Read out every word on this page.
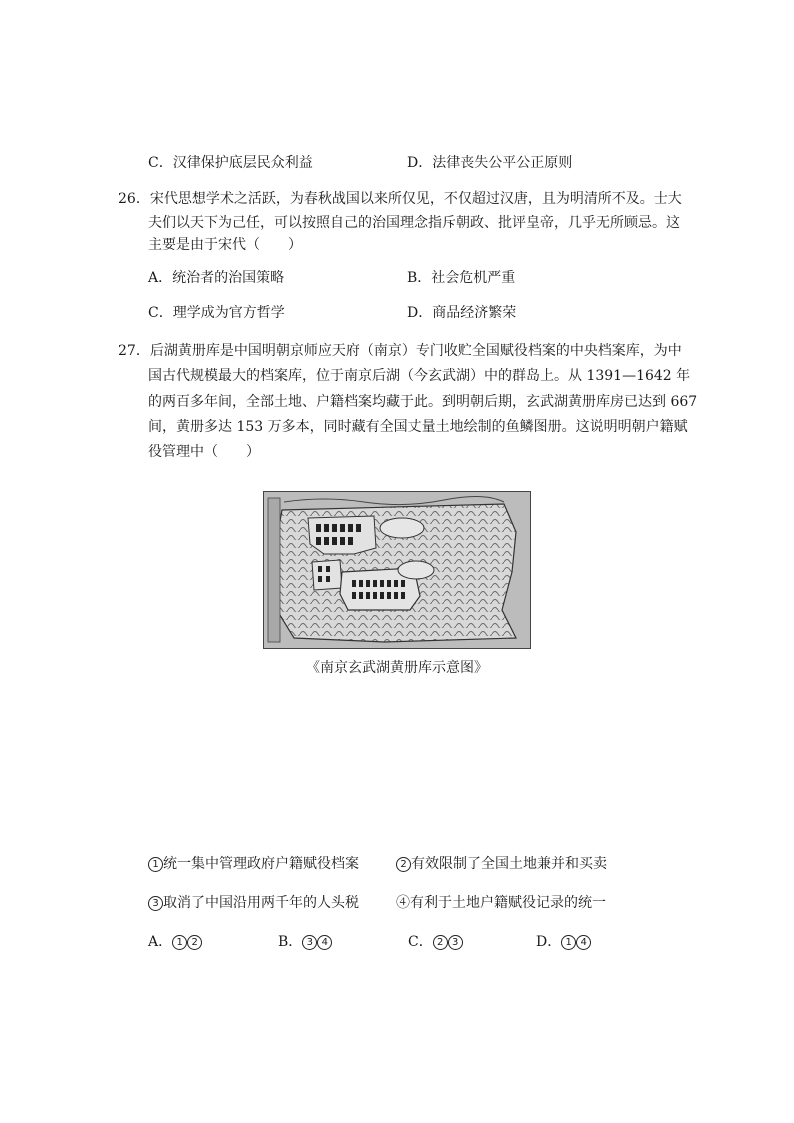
C．汉律保护底层民众利益	D．法律丧失公平公正原则
26．宋代思想学术之活跃，为春秋战国以来所仅见，不仅超过汉唐，且为明清所不及。士大
夫们以天下为己任，可以按照自己的治国理念指斥朝政、批评皇帝，几乎无所顾忌。这
主要是由于宋代（　　）
A．统治者的治国策略	B．社会危机严重
C．理学成为官方哲学	D．商品经济繁荣
27．后湖黄册库是中国明朝京师应天府（南京）专门收贮全国赋役档案的中央档案库，为中
国古代规模最大的档案库，位于南京后湖（今玄武湖）中的群岛上。从 1391—1642 年
的两百多年间，全部土地、户籍档案均藏于此。到明朝后期，玄武湖黄册库房已达到 667
间，黄册多达 153 万多本，同时藏有全国丈量土地绘制的鱼鳞图册。这说明明朝户籍赋
役管理中（　　）
《南京玄武湖黄册库示意图》
1 统一集中管理政府户籍赋役档案	2 有效限制了全国土地兼并和买卖
3 取消了中国沿用两千年的人头税	④有利于土地户籍赋役记录的统一
A． 1 2	B． 3 4	C． 2 3	D． 1 4
